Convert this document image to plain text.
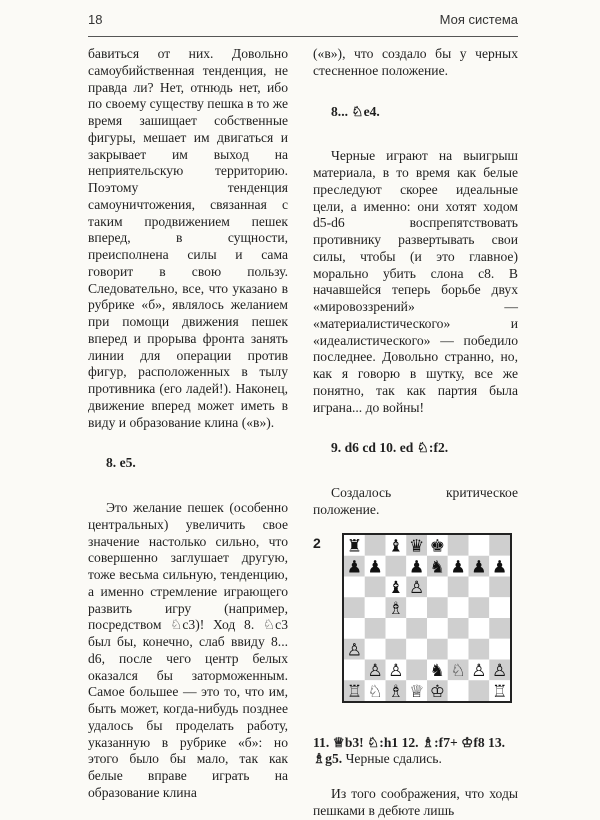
18	Моя система

бавиться от них. Довольно самоубийственная тенденция, не правда ли? Нет, отнюдь нет, ибо по своему существу пешка в то же время зашищает собственные фигуры, мешает им двигаться и закрывает им выход на неприятельскую территорию. Поэтому тенденция самоуничтожения, связанная с таким продвижением пешек вперед, в сущности, преисполнена силы и сама говорит в свою пользу. Следовательно, все, что указано в рубрике «б», являлось желанием при помощи движения пешек вперед и прорыва фронта занять линии для операции против фигур, расположенных в тылу противника (его ладей!). Наконец, движение вперед может иметь в виду и образование клина («в»).

8. e5.

Это желание пешек (особенно центральных) увеличить свое значение настолько сильно, что совершенно заглушает другую, тоже весьма сильную, тенденцию, а именно стремление играющего развить игру (например, посредством ♘c3)! Ход 8. ♘c3 был бы, конечно, слаб ввиду 8... d6, после чего центр белых оказался бы заторможенным. Самое большее — это то, что им, быть может, когда-нибудь позднее удалось бы проделать работу, указанную в рубрике «б»: но этого было бы мало, так как белые вправе играть на образование клина

(«в»), что создало бы у черных стесненное положение.

8... ♘e4.

Черные играют на выигрыш материала, в то время как белые преследуют скорее идеальные цели, а именно: они хотят ходом d5-d6 воспрепятствовать противнику развертывать свои силы, чтобы (и это главное) морально убить слона c8. В начавшейся теперь борьбе двух «мировоззрений» — «материалистического» и «идеалистического» — победило последнее. Довольно странно, но, как я говорю в шутку, все же понятно, так как партия была играна... до войны!

9. d6 cd 10. ed ♘:f2.

Создалось критическое положение.

2 ♜ ♝ ♛ ♚
♟ ♟ ♟ ♞ ♟ ♟ ♟
♝ ♙
♗
♙ ♙ ♞ ♘ ♙ ♙
♙
♖ ♘ ♗ ♕ ♔	♖

11. ♕b3! ♘:h1 12. ♗:f7+ ♔f8 13. ♗g5. Черные сдались.

Из того соображения, что ходы пешками в дебюте лишь
